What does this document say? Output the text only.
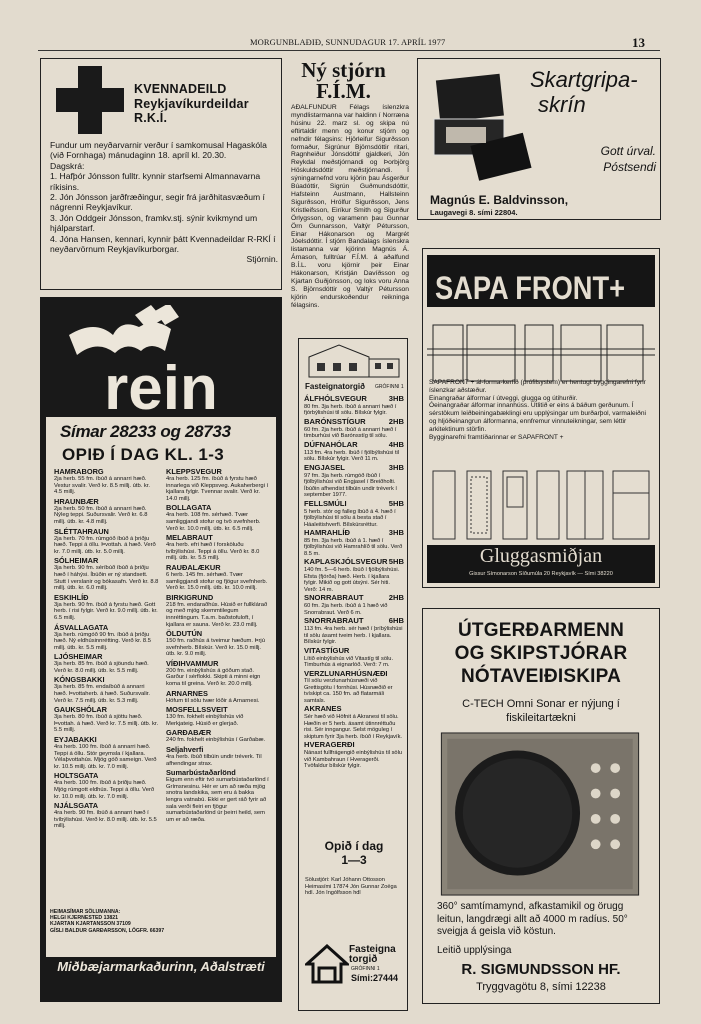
MORGUNBLAÐIÐ, SUNNUDAGUR 17. APRÍL 1977	13
KVENNADEILD
Reykjavíkurdeildar
R.K.Í.
Fundur um neyðarvarnir verður í samkomusal Hagaskóla (við Fornhaga) mánudaginn 18. apríl kl. 20.30.
Dagskrá:
1. Hafþór Jónsson fulltr. kynnir starfsemi Almannavarna ríkisins.
2. Jón Jónsson jarðfræðingur, segir frá jarðhitasvæðum í nágrenni Reykjavíkur.
3. Jón Oddgeir Jónsson, framkv.stj. sýnir kvikmynd um hjálparstarf.
4. Jóna Hansen, kennari, kynnir þátt Kvennadeildar R-RKÍ í neyðarvörnum Reykjavíkurborgar.
Stjórnin.
rein
Símar 28233 og 28733
OPIÐ Í DAG KL. 1-3
HAMRABORG
2ja herb. 55 fm. íbúð á annarri hæð. Vestur svalir. Verð kr. 8.5 millj. útb. kr. 4.5 millj.
HRAUNBÆR
2ja herb. 50 fm. íbúð á annarri hæð. Nýleg teppi. Suðursvalir. Verð kr. 6.8 millj. útb. kr. 4.8 millj.
SLÉTTAHRAUN
2ja herb. 70 fm. rúmgóð íbúð á þriðju hæð. Teppi á öllu. Þvottah. á hæð. Verð kr. 7.0 millj. útb. kr. 5.0 millj.
SÓLHEIMAR
3ja herb. 90 fm. séríbúð íbúð á þriðju hæð í háhýsi. Íbúðin er ný standsett. Stutt í verslanir og bókasafn. Verð kr. 8.8 millj. útb. kr. 6.0 millj.
ESKIHLÍÐ
3ja herb. 90 fm. íbúð á fyrstu hæð. Gott herb. í risi fylgir. Verð kr. 9.0 millj. útb. kr. 6.5 millj.
ÁSVALLAGATA
3ja herb. rúmgóð 90 fm. íbúð á þriðju hæð. Ný eldhúsinnrétting. Verð kr. 8.5 millj. útb. kr. 5.5 millj.
LJÓSHEIMAR
3ja herb. 85 fm. íbúð á sjöundu hæð. Verð kr. 8.0 millj. útb. kr. 5.5 millj.
KÓNGSBAKKI
3ja herb. 85 fm. endaíbúð á annarri hæð. Þvottaherb. á hæð. Suðursvalir. Verð kr. 7.5 millj. útb. kr. 5.3 millj.
GAUKSHÓLAR
3ja herb. 80 fm. íbúð á sjöttu hæð. Þvottah. á hæð. Verð kr. 7.5 millj. útb. kr. 5.5 millj.
EYJABAKKI
4ra herb. 100 fm. íbúð á annarri hæð. Teppi á öllu. Stór geymsla í kjallara. Vélaþvottahús. Mjög góð sameign. Verð kr. 10.5 millj. útb. kr. 7.0 millj.
HOLTSGATA
4ra herb. 100 fm. íbúð á þriðju hæð. Mjög rúmgott eldhús. Teppi á öllu. Verð kr. 10.0 millj. útb. kr. 7.0 millj.
NJÁLSGATA
4ra herb. 90 fm. íbúð á annarri hæð í tvíbýlishúsi. Verð kr. 8.0 millj. útb. kr. 5.5 millj.
KLEPPSVEGUR
4ra herb. 125 fm. íbúð á fyrstu hæð innarlega við Kleppsveg. Aukaherbergi í kjallara fylgir. Tvennar svalir. Verð kr. 14.0 millj.
BOLLAGATA
4ra herb. 108 fm. sérhæð. Tvær samliggjandi stofur og tvö svefnherb. Verð kr. 10.0 millj. útb. kr. 6.5 millj.
MELABRAUT
4ra herb. efri hæð í forsköluðu tvíbýlishúsi. Teppi á öllu. Verð kr. 8.0 millj. útb. kr. 5.5 millj.
RAUÐALÆKUR
6 herb. 145 fm. sérhæð. Tvær samliggjandi stofur og fjögur svefnherb. Verð kr. 15.0 millj. útb. kr. 10.0 millj.
BIRKIGRUND
218 fm. endaraðhús. Húsið er fullklárað og með mjög skemmtilegum innréttingum. T.a.m. baðstofuloft, í kjallara er sauna. Verð kr. 23.0 millj.
ÖLDUTÚN
150 fm. raðhús á tveimur hæðum. Þrjú svefnherb. Bílskúr. Verð kr. 15.0 millj. útb. kr. 9.0 millj.
VÍÐIHVAMMUR
200 fm. einbýlishús á góðum stað. Garður í sérflokki. Skipti á minni eign koma til greina. Verð kr. 20.0 millj.
ARNARNES
Höfum til sölu tvær lóðir á Arnarnesi.
MOSFELLSSVEIT
130 fm. fokhelt einbýlishús við Merkjateig. Húsið er glerjað.
GARÐABÆR
240 fm. fokhelt einbýlishús í Garðabæ.
Seljahverfi
4ra herb. íbúð tilbúin undir tréverk. Til afhendingar strax.
Sumarbústaðarlönd
Eigum enn eftir tvö sumarbústaðarlönd í Grímsnesinu. Hér er um að ræða mjög snotra landskika, sem eru á bakka lengra vatnabú. Ekki er gert ráð fyrir að sala verði fleiri en fjögur sumarbústaðarlönd úr þeirri heild, sem um er að ræða.
HEIMASÍMAR SÖLUMANNA:
HELGI KJERNESTED 13821
KJARTAN KJARTANSSON 37109
GÍSLI BALDUR GARÐARSSON, LÖGFR. 66397
Miðbæjarmarkaðurinn, Aðalstræti
Ný stjórn
F.Í.M.
AÐALFUNDUR Félags íslenzkra myndlistarmanna var haldinn í Norræna húsinu 22. marz sl. og skipa nú eftirtaldir menn og konur stjórn og nefndir félagsins: Hjörleifur Sigurðsson formaður, Sigrúnur Björnsdóttir ritari, Ragnheiður Jónsdóttir gjaldkeri, Jón Reykdal meðstjórnandi og Þorbjörg Höskuldsdóttir meðstjórnandi. Í sýningarnefnd voru kjörin þau Ásgerður Búadóttir, Sigrún Guðmundsdóttir, Hafsteinn Austmann, Hallsteinn Sigurðsson, Hrólfur Sigurðsson, Jens Kristleifsson, Eiríkur Smith og Sigurður Örlygsson, og varamenn þau Gunnar Örn Gunnarsson, Valtýr Pétursson, Einar Hákonarson og Margrét Jóelsdóttir. Í stjórn Bandalags íslenskra listamanna var kjörinn Magnús Á. Árnason, fulltrúar F.Í.M. á aðalfund B.Í.L. voru kjörnir þeir Einar Hákonarson, Kristján Davíðsson og Kjartan Guðjónsson, og loks voru Anna S. Björnsdóttir og Valtýr Pétursson kjörin endurskoðendur reikninga félagsins.
Fasteignatorgið GRÓFINNI 1
ÁLFHÓLSVEGUR	3HB
80 fm. 3ja herb. íbúð á annarri hæð í fjórbýlishúsi til sölu. Bílskúr fylgir.
BARÓNSSTÍGUR	2HB
60 fm. 2ja herb. íbúð á annarri hæð í timburhúsi við Barónsstíg til sölu.
DÚFNAHÓLAR	4HB
113 fm. 4ra herb. íbúð í fjölbýlishúsi til sölu. Bílskúr fylgir. Verð 11 m.
ENGJASEL	3HB
97 fm. 3ja herb. rúmgóð íbúð í fjölbýlishúsi við Engjasel í Breiðholti. Íbúðin afhendist tilbúin undir tréverk í september 1977.
FELLSMÚLI	5HB
5 herb. stór og falleg íbúð á 4. hæð í fjölbýlishúsi til sölu á besta stað í Háaleitishverfi. Bílskúrsréttur.
HAMRAHLÍÐ	3HB
85 fm. 3ja herb. íbúð á 1. hæð í fjölbýlishúsi við Hamrahlíð til sölu. Verð 8.5 m.
KAPLASKJÓLSVEGUR 5HB
140 fm. 5—6 herb. íbúð í fjölbýlishúsi. Efsta (fjórða) hæð. Herb. í kjallara fylgir. Mikið og gott útsýni. Sér hiti. Verð: 14 m.
SNORRABRAUT	2HB
60 fm. 2ja herb. íbúð á 1 hæð við Snorrabraut. Verð 6 m.
SNORRABRAUT	6HB
113 fm. 4ra herb. sér hæð í þríbýlishúsi til sölu ásamt tveim herb. í kjallara. Bílskúr fylgir.
VITASTÍGUR
Lítið einbýlishús við Vitastíg til sölu. Timburhús á eignarlóð. Verð: 7 m.
VERZLUNARHÚSNÆÐI
Til sölu verzlunarhúsnæði við Grettisgötu í fornhúsi. Húsnæðið er tvískipt ca. 150 fm. að flatarmáli samtals.
AKRANES
Sér hæð við Höfnit á Akranesi til sölu. Hæðin er 5 herb. ásamt útinnréttuðu risi. Sér inngangur. Selst möguleg í skiptum fyrir 3ja herb. íbúð í Reykjavík.
HVERAGERÐI
Nánast fullfrágengið einbýlishús til sölu við Kambahraun í Hveragerði. Tvöfaldur bílskúr fylgir.
Opið í dag
1—3
Sölustjóri: Karl Jóhann Ottosson Heimasími 17874 Jón Gunnar Zoëga hdl. Jón Ingólfsson hdl
Fasteigna
torgið
GRÓFINNI 1
Sími:27444
Skartgripa-
skrín
Gott úrval.
Póstsendi
Magnús E. Baldvinsson,
Laugavegi 8. sími 22804.
SAPA FRONT+
SAPAFRONT + ál-forma-kerfið (prófilsystem) er hentugt byggingarefni fyrir íslenzkar aðstæður.
Einangraðar álformar í útveggi, glugga og útihurðir.
Óeinangraðar álformar innanhúss. Útlitið er eins á báðum gerðunum. Í sérstökum leiðbeiningabæklingi eru upplýsingar um burðarþol, varmaleiðni og hljóðeinangrun álformanna, ennfremur vinnuteikningar, sem léttir arkitektinum störfin.
Bygginarefni framtíðarinnar er SAPAFRONT +
Gluggasmiðjan
Gissur Símonarson Síðumúla 20 Reykjavík — Sími 38220
ÚTGERÐARMENN
OG SKIPSTJÓRAR
NÓTAVEIÐISKIPA
C-TECH Omni Sonar er nýjung í
fiskileitartækni
360° samtímamynd, afkastamikil og örugg
leitun, langdrægi allt að 4000 m radíus. 50°
sveigja á geisla við köstun.
Leitið upplýsinga
R. SIGMUNDSSON HF.
Tryggvagötu 8, sími 12238
